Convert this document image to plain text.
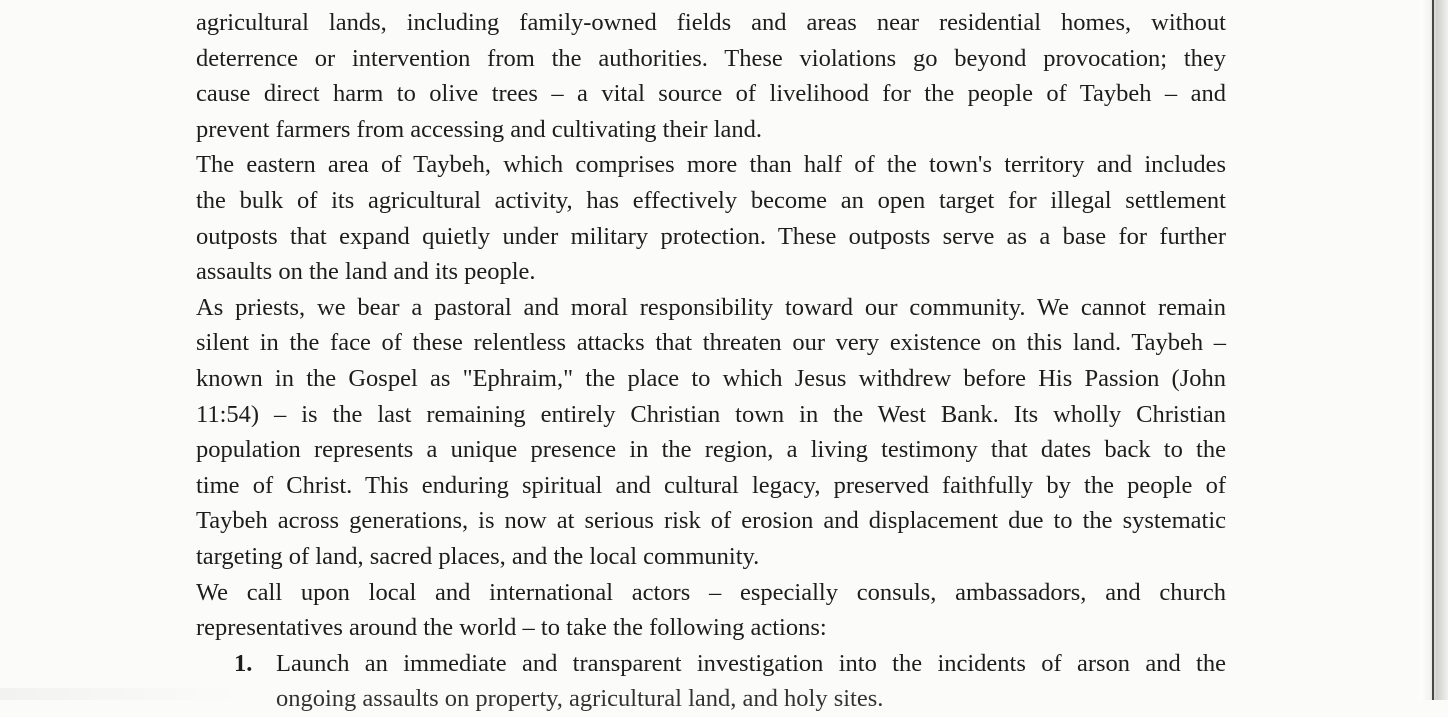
agricultural lands, including family-owned fields and areas near residential homes, without
deterrence or intervention from the authorities. These violations go beyond provocation; they
cause direct harm to olive trees – a vital source of livelihood for the people of Taybeh – and
prevent farmers from accessing and cultivating their land.
The eastern area of Taybeh, which comprises more than half of the town's territory and includes
the bulk of its agricultural activity, has effectively become an open target for illegal settlement
outposts that expand quietly under military protection. These outposts serve as a base for further
assaults on the land and its people.
As priests, we bear a pastoral and moral responsibility toward our community. We cannot remain
silent in the face of these relentless attacks that threaten our very existence on this land. Taybeh –
known in the Gospel as "Ephraim," the place to which Jesus withdrew before His Passion (John
11:54) – is the last remaining entirely Christian town in the West Bank. Its wholly Christian
population represents a unique presence in the region, a living testimony that dates back to the
time of Christ. This enduring spiritual and cultural legacy, preserved faithfully by the people of
Taybeh across generations, is now at serious risk of erosion and displacement due to the systematic
targeting of land, sacred places, and the local community.
We call upon local and international actors – especially consuls, ambassadors, and church
representatives around the world – to take the following actions:
1. Launch an immediate and transparent investigation into the incidents of arson and the
ongoing assaults on property, agricultural land, and holy sites.
